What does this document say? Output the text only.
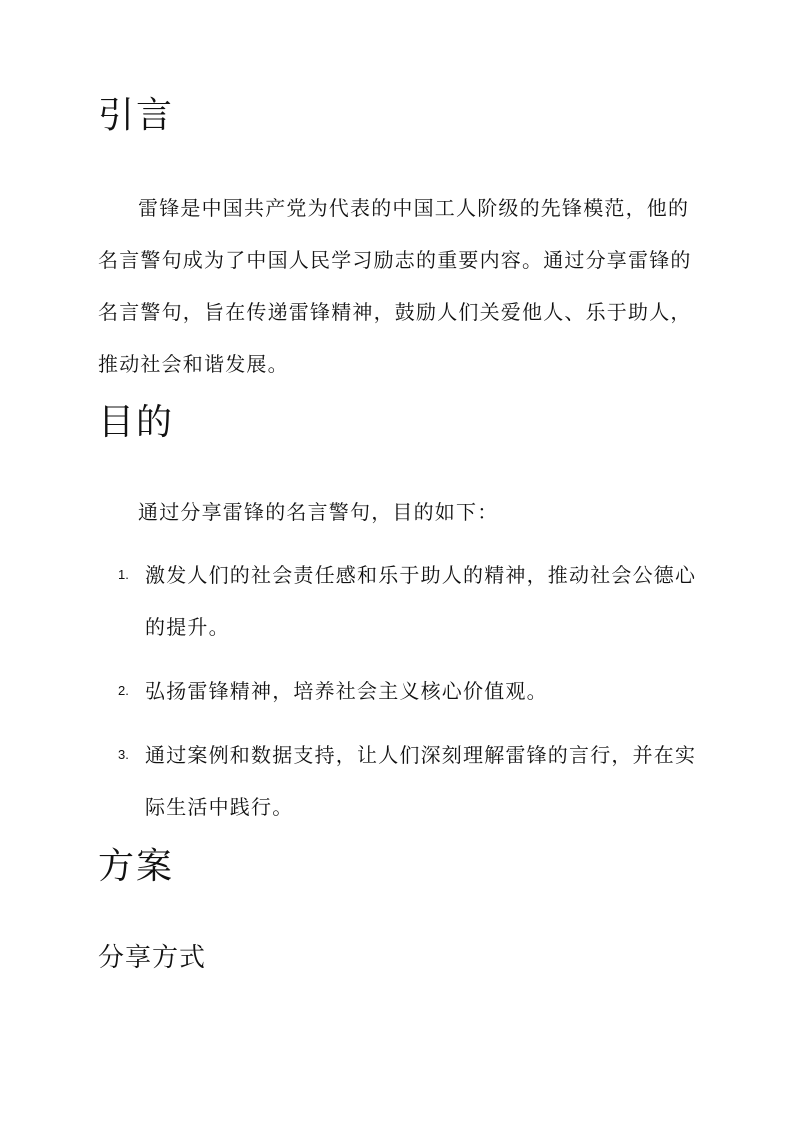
引言

雷锋是中国共产党为代表的中国工人阶级的先锋模范，他的名言警句成为了中国人民学习励志的重要内容。通过分享雷锋的名言警句，旨在传递雷锋精神，鼓励人们关爱他人、乐于助人，推动社会和谐发展。

目的

通过分享雷锋的名言警句，目的如下：

1. 激发人们的社会责任感和乐于助人的精神，推动社会公德心的提升。
2. 弘扬雷锋精神，培养社会主义核心价值观。
3. 通过案例和数据支持，让人们深刻理解雷锋的言行，并在实际生活中践行。
方案
分享方式
